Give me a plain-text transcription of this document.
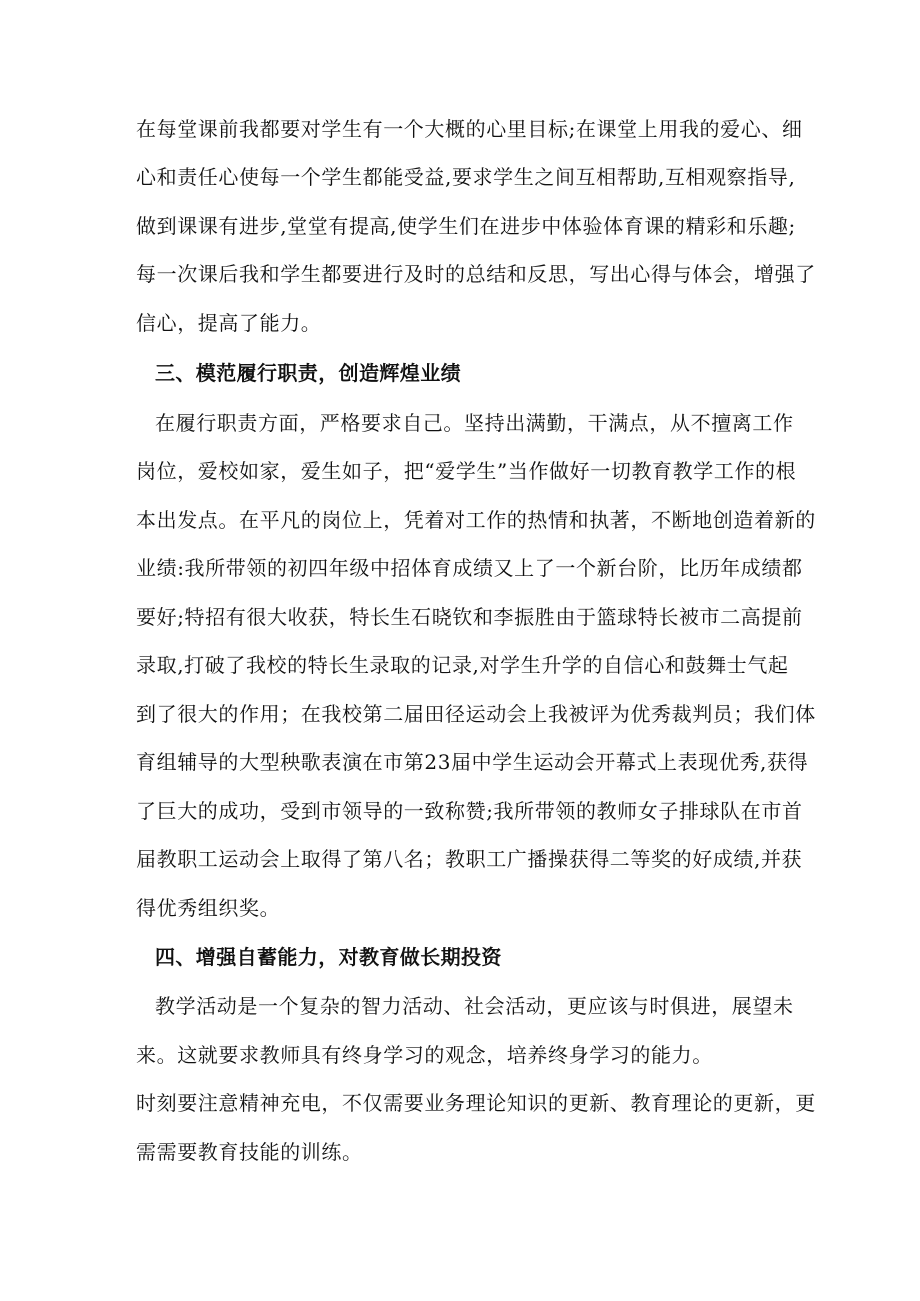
在每堂课前我都要对学生有一个大概的心里目标;在课堂上用我的爱心、细
心和责任心使每一个学生都能受益,要求学生之间互相帮助,互相观察指导,
做到课课有进步,堂堂有提高,使学生们在进步中体验体育课的精彩和乐趣;
每一次课后我和学生都要进行及时的总结和反思，写出心得与体会，增强了
信心，提高了能力。
三、模范履行职责，创造辉煌业绩
在履行职责方面，严格要求自己。坚持出满勤，干满点，从不擅离工作
岗位，爱校如家，爱生如子，把“爱学生”当作做好一切教育教学工作的根
本出发点。在平凡的岗位上，凭着对工作的热情和执著，不断地创造着新的
业绩:我所带领的初四年级中招体育成绩又上了一个新台阶，比历年成绩都
要好;特招有很大收获，特长生石晓钦和李振胜由于篮球特长被市二高提前
录取,打破了我校的特长生录取的记录,对学生升学的自信心和鼓舞士气起
到了很大的作用；在我校第二届田径运动会上我被评为优秀裁判员；我们体
育组辅导的大型秧歌表演在市第23届中学生运动会开幕式上表现优秀,获得
了巨大的成功，受到市领导的一致称赞;我所带领的教师女子排球队在市首
届教职工运动会上取得了第八名；教职工广播操获得二等奖的好成绩,并获
得优秀组织奖。
四、增强自蓄能力，对教育做长期投资
教学活动是一个复杂的智力活动、社会活动，更应该与时俱进，展望未
来。这就要求教师具有终身学习的观念，培养终身学习的能力。
时刻要注意精神充电，不仅需要业务理论知识的更新、教育理论的更新，更
需需要教育技能的训练。
